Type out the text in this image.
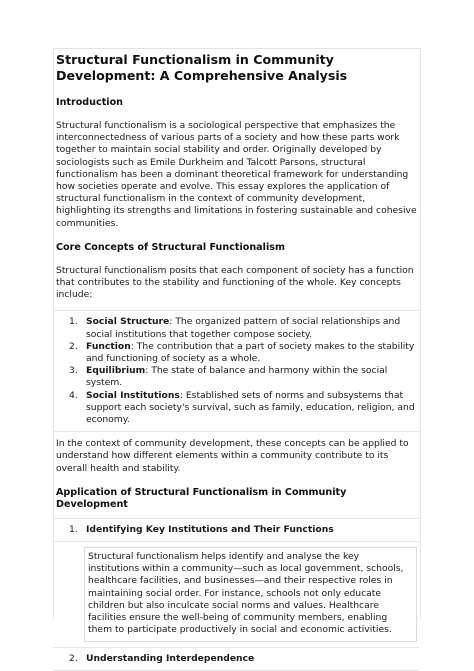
Structural Functionalism in Community Development: A Comprehensive Analysis
Introduction

Structural functionalism is a sociological perspective that emphasizes the interconnectedness of various parts of a society and how these parts work together to maintain social stability and order. Originally developed by sociologists such as Emile Durkheim and Talcott Parsons, structural functionalism has been a dominant theoretical framework for understanding how societies operate and evolve. This essay explores the application of structural functionalism in the context of community development, highlighting its strengths and limitations in fostering sustainable and cohesive communities.

Core Concepts of Structural Functionalism

Structural functionalism posits that each component of society has a function that contributes to the stability and functioning of the whole. Key concepts include:

1. Social Structure: The organized pattern of social relationships and social institutions that together compose society.
2. Function: The contribution that a part of society makes to the stability and functioning of society as a whole.
3. Equilibrium: The state of balance and harmony within the social system.
4. Social Institutions: Established sets of norms and subsystems that support each society's survival, such as family, education, religion, and economy.

In the context of community development, these concepts can be applied to understand how different elements within a community contribute to its overall health and stability.

Application of Structural Functionalism in Community Development
1. Identifying Key Institutions and Their Functions

Structural functionalism helps identify and analyse the key institutions within a community—such as local government, schools, healthcare facilities, and businesses—and their respective roles in maintaining social order. For instance, schools not only educate children but also inculcate social norms and values. Healthcare facilities ensure the well-being of community members, enabling them to participate productively in social and economic activities.

2. Understanding Interdependence
